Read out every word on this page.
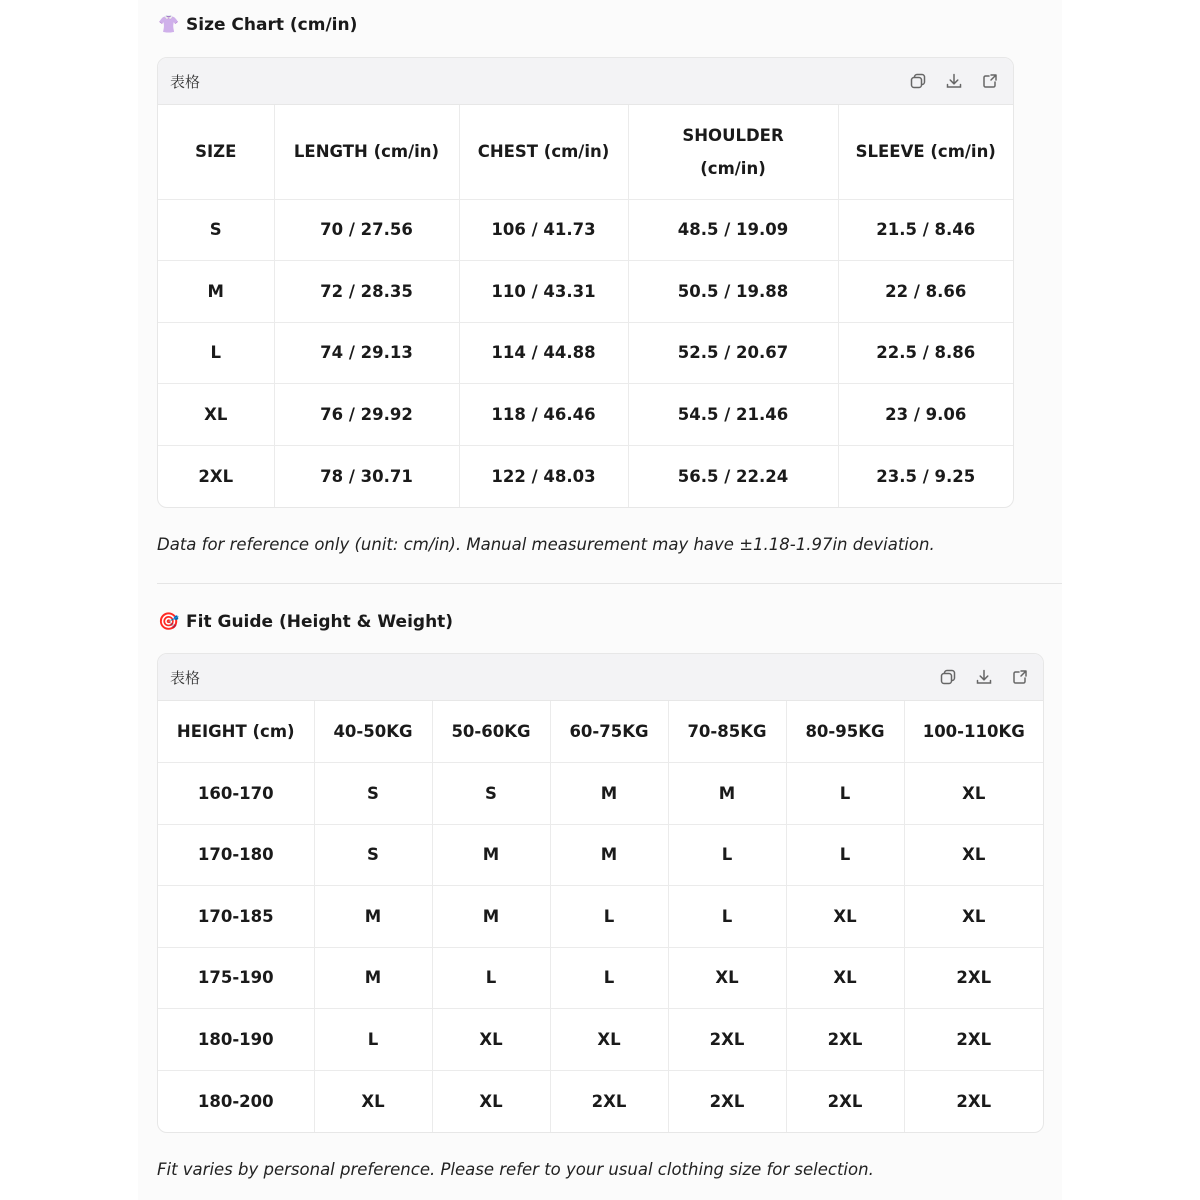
👚 Size Chart (cm/in)
表格
SIZE	LENGTH (cm/in)	CHEST (cm/in)	SHOULDER (cm/in)	SLEEVE (cm/in)
S	70 / 27.56	106 / 41.73	48.5 / 19.09	21.5 / 8.46
M	72 / 28.35	110 / 43.31	50.5 / 19.88	22 / 8.66
L	74 / 29.13	114 / 44.88	52.5 / 20.67	22.5 / 8.86
XL	76 / 29.92	118 / 46.46	54.5 / 21.46	23 / 9.06
2XL	78 / 30.71	122 / 48.03	56.5 / 22.24	23.5 / 9.25
Data for reference only (unit: cm/in). Manual measurement may have ±1.18-1.97in deviation.
🎯 Fit Guide (Height & Weight)
表格
HEIGHT (cm)	40-50KG	50-60KG	60-75KG	70-85KG	80-95KG	100-110KG
160-170	S	S	M	M	L	XL
170-180	S	M	M	L	L	XL
170-185	M	M	L	L	XL	XL
175-190	M	L	L	XL	XL	2XL
180-190	L	XL	XL	2XL	2XL	2XL
180-200	XL	XL	2XL	2XL	2XL	2XL
Fit varies by personal preference. Please refer to your usual clothing size for selection.
